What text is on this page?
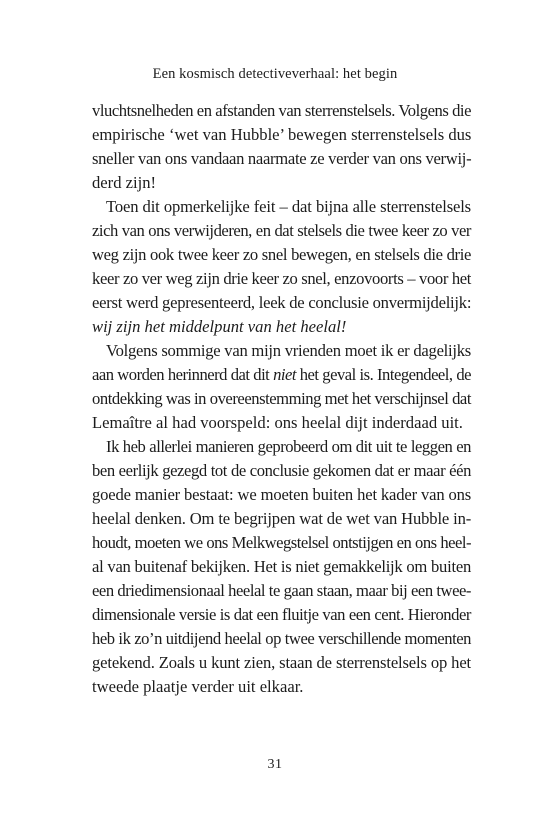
Een kosmisch detectiveverhaal: het begin
vluchtsnelheden en afstanden van sterrenstelsels. Volgens die
empirische ‘wet van Hubble’ bewegen sterrenstelsels dus
sneller van ons vandaan naarmate ze verder van ons verwij-
derd zijn!
Toen dit opmerkelijke feit – dat bijna alle sterrenstelsels
zich van ons verwijderen, en dat stelsels die twee keer zo ver
weg zijn ook twee keer zo snel bewegen, en stelsels die drie
keer zo ver weg zijn drie keer zo snel, enzovoorts – voor het
eerst werd gepresenteerd, leek de conclusie onvermijdelijk:
wij zijn het middelpunt van het heelal!
Volgens sommige van mijn vrienden moet ik er dagelijks
aan worden herinnerd dat dit niet het geval is. Integendeel, de
ontdekking was in overeenstemming met het verschijnsel dat
Lemaître al had voorspeld: ons heelal dijt inderdaad uit.
Ik heb allerlei manieren geprobeerd om dit uit te leggen en
ben eerlijk gezegd tot de conclusie gekomen dat er maar één
goede manier bestaat: we moeten buiten het kader van ons
heelal denken. Om te begrijpen wat de wet van Hubble in-
houdt, moeten we ons Melkwegstelsel ontstijgen en ons heel-
al van buitenaf bekijken. Het is niet gemakkelijk om buiten
een driedimensionaal heelal te gaan staan, maar bij een twee-
dimensionale versie is dat een fluitje van een cent. Hieronder
heb ik zo’n uitdijend heelal op twee verschillende momenten
getekend. Zoals u kunt zien, staan de sterrenstelsels op het
tweede plaatje verder uit elkaar.
31
